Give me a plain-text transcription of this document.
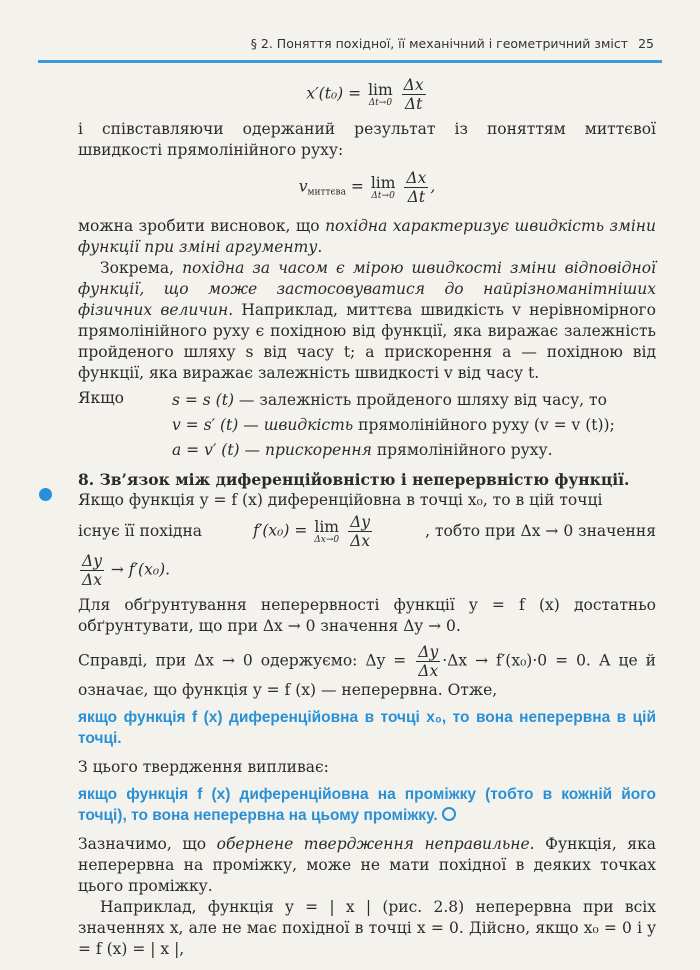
§ 2. Поняття похідної, її механічний і геометричний зміст 25
x′(t₀) = lim
Δt→0
$\frac{\Delta x}{\Delta t}$

і співставляючи одержаний результат із поняттям миттєвої швидкості прямолінійного руху:

vмиттєва = lim
Δt→0
$\frac{\Delta x}{\Delta t}$ ,

можна зробити висновок, що похідна характеризує швидкість зміни функції при зміні аргументу.

Зокрема, похідна за часом є мірою швидкості зміни відповідної функції, що може застосовуватися до найрізноманітніших фізичних величин. Наприклад, миттєва швидкість v нерівномірного прямолінійного руху є похідною від функції, яка виражає залежність пройденого шляху s від часу t; а прискорення a — похідною від функції, яка виражає залежність швидкості v від часу t.

Якщо	s = s (t) — залежність пройденого шляху від часу, то
v = s′ (t) — швидкість прямолінійного руху (v = v (t));
a = v′ (t) — прискорення прямолінійного руху.

8. Зв’язок між диференційовністю і неперервністю функції.

Якщо функція y = f (x) диференційовна в точці x₀, то в цій точці

існує її похідна	f′(x₀) = lim
Δx→0
$\frac{\Delta y}{\Delta x}$	, тобто при Δx → 0 значення
$\frac{\Delta y}{\Delta x} \to f'(x_0)$.

Для обґрунтування неперервності функції y = f (x) достатньо обґрунтувати, що при Δx → 0 значення Δy → 0.

Справді, при Δx → 0 одержуємо: $\Delta y = \frac{\Delta y}{\Delta x} \cdot\Delta x \to f'(x_0)\cdot 0 = 0$. А це й означає, що функція y = f (x) — неперервна. Отже,

якщо функція f (x) диференційовна в точці x₀, то вона неперервна в цій точці.

З цього твердження випливає:

якщо функція f (x) диференційовна на проміжку (тобто в кожній його точці), то вона неперервна на цьому проміжку.

Зазначимо, що обернене твердження неправильне. Функція, яка неперервна на проміжку, може не мати похідної в деяких точках цього проміжку.

Наприклад, функція y = | x | (рис. 2.8) неперервна при всіх значеннях x, але не має похідної в точці x = 0. Дійсно, якщо x₀ = 0 і y = f (x) = | x |,
